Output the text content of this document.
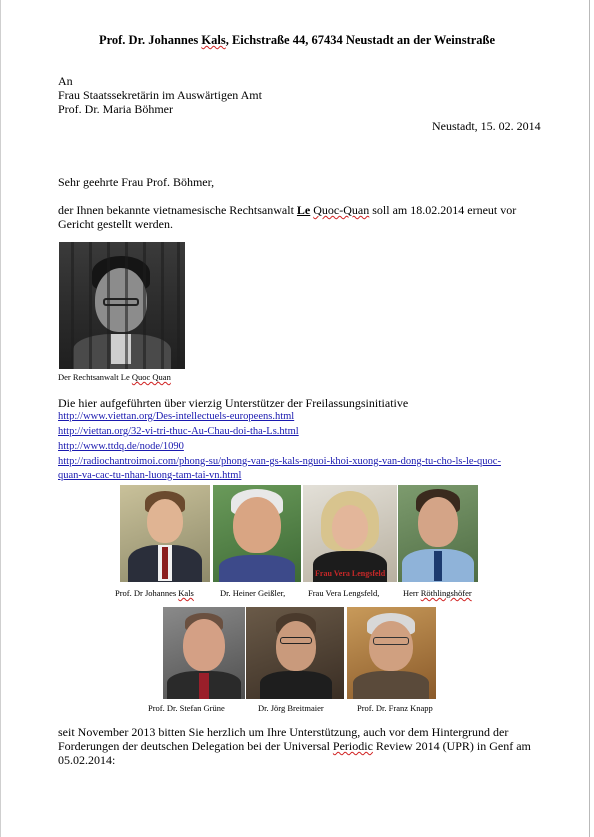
Prof. Dr. Johannes Kals, Eichstraße 44, 67434 Neustadt an der Weinstraße
An
Frau Staatssekretärin im Auswärtigen Amt
Prof. Dr. Maria Böhmer
Neustadt, 15. 02. 2014
Sehr geehrte Frau Prof. Böhmer,
der Ihnen bekannte vietnamesische Rechtsanwalt Le Quoc-Quan soll am 18.02.2014 erneut vor
Gericht gestellt werden.
Der Rechtsanwalt Le Quoc Quan
Die hier aufgeführten über vierzig Unterstützer der Freilassungsinitiative
http://www.viettan.org/Des-intellectuels-europeens.html
http://viettan.org/32-vi-tri-thuc-Au-Chau-doi-tha-Ls.html
http://www.ttdq.de/node/1090
http://radiochantroimoi.com/phong-su/phong-van-gs-kals-nguoi-khoi-xuong-van-dong-tu-cho-ls-le-quoc-
quan-va-cac-tu-nhan-luong-tam-tai-vn.html
Frau Vera Lengsfeld
Prof. Dr Johannes Kals	Dr. Heiner Geißler,	Frau Vera Lengsfeld,	Herr Röthlingshöfer
Prof. Dr. Stefan Grüne	Dr. Jörg Breitmaier	Prof. Dr. Franz Knapp
seit November 2013 bitten Sie herzlich um Ihre Unterstützung, auch vor dem Hintergrund der
Forderungen der deutschen Delegation bei der Universal Periodic Review 2014 (UPR) in Genf am
05.02.2014:
